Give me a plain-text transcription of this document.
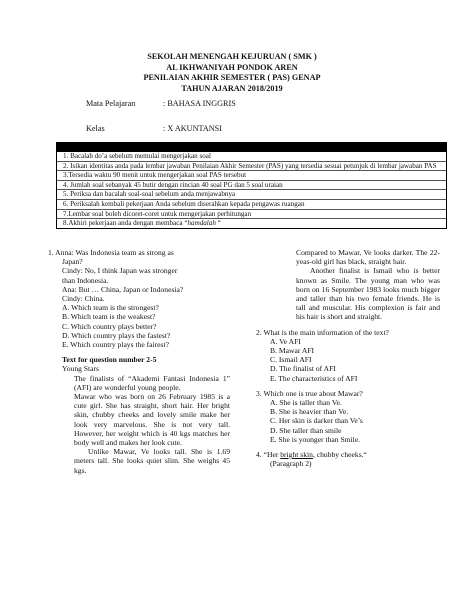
SEKOLAH MENENGAH KEJURUAN ( SMK )
AL IKHWANIYAH PONDOK AREN
PENILAIAN AKHIR SEMESTER ( PAS) GENAP
TAHUN AJARAN 2018/2019
Mata Pelajaran	: BAHASA INGGRIS
Kelas	: X AKUNTANSI
1. Bacalah do’a sebelum memulai mengerjakan soal
2. Isikan identitas anda pada lembar jawaban Penilaian Akhir Semester (PAS) yang tersedia sesuai petunjuk di lembar jawaban PAS
3.Tersedia waktu 90 menit untuk mengerjakan soal PAS tersebut
4. Jumlah soal sebanyak 45 butir dengan rincian 40 soal PG dan 5 soal uraian
5. Periksa dan bacalah soal-soal sebelum anda menjawabnya
6. Periksalah kembali pekerjaan Anda sebelum diserahkan kepada pengawas ruangan
7.Lembar soal boleh dicoret-coret untuk mengerjakan perhitungan
8.Akhiri pekerjaan anda dengan membaca “hamdalah “

1. Anna: Was Indonesia team as strong as

Japan?

Cindy: No, I think Japan was stronger

than Indonesia.

Ana: But … China, Japan or Indonesia?

Cindy: China.

A. Which team is the strongest?

B. Which team is the weakest?

C. Which country plays better?

D. Which country plays the fastest?

E. Which country plays the fairest?

Text for question number 2-5

Young Stars

The finalists of “Akademi Fantasi Indonesia 1” (AFI) are wonderful young people.

Mawar who was born on 26 February 1985 is a cute girl. She has straight, short hair. Her bright skin, chubby cheeks and lovely smile make her look very marvelous. She is not very tall. However, her weight which is 40 kgs matches her body well and makes her look cute.

Unlike Mawar, Ve looks tall. She is 1.69 meters tall. She looks quiet slim. She weighs 45 kgs.

Compared to Mawar, Ve looks darker. The 22-yeas-old girl has black, straight hair.

Another finalist is Ismail who is better known as Smile. The young man who was born on 16 September 1983 looks much bigger and taller than his two female friends. He is tall and muscular. His complexion is fair and his hair is short and straight.

2. What is the main information of the text?

A. Ve AFI

B. Mawar AFI

C. Ismail AFI

D. The finalist of AFI

E. The characteristics of AFI

3. Which one is true about Mawar?

A. She is taller than Ve.

B. She is heavier than Ve.

C. Her skin is darker than Ve’s

D. She taller than smile

E. She is younger than Smile.

4. “Her bright skin, chubby cheeks.“

(Paragraph 2)
